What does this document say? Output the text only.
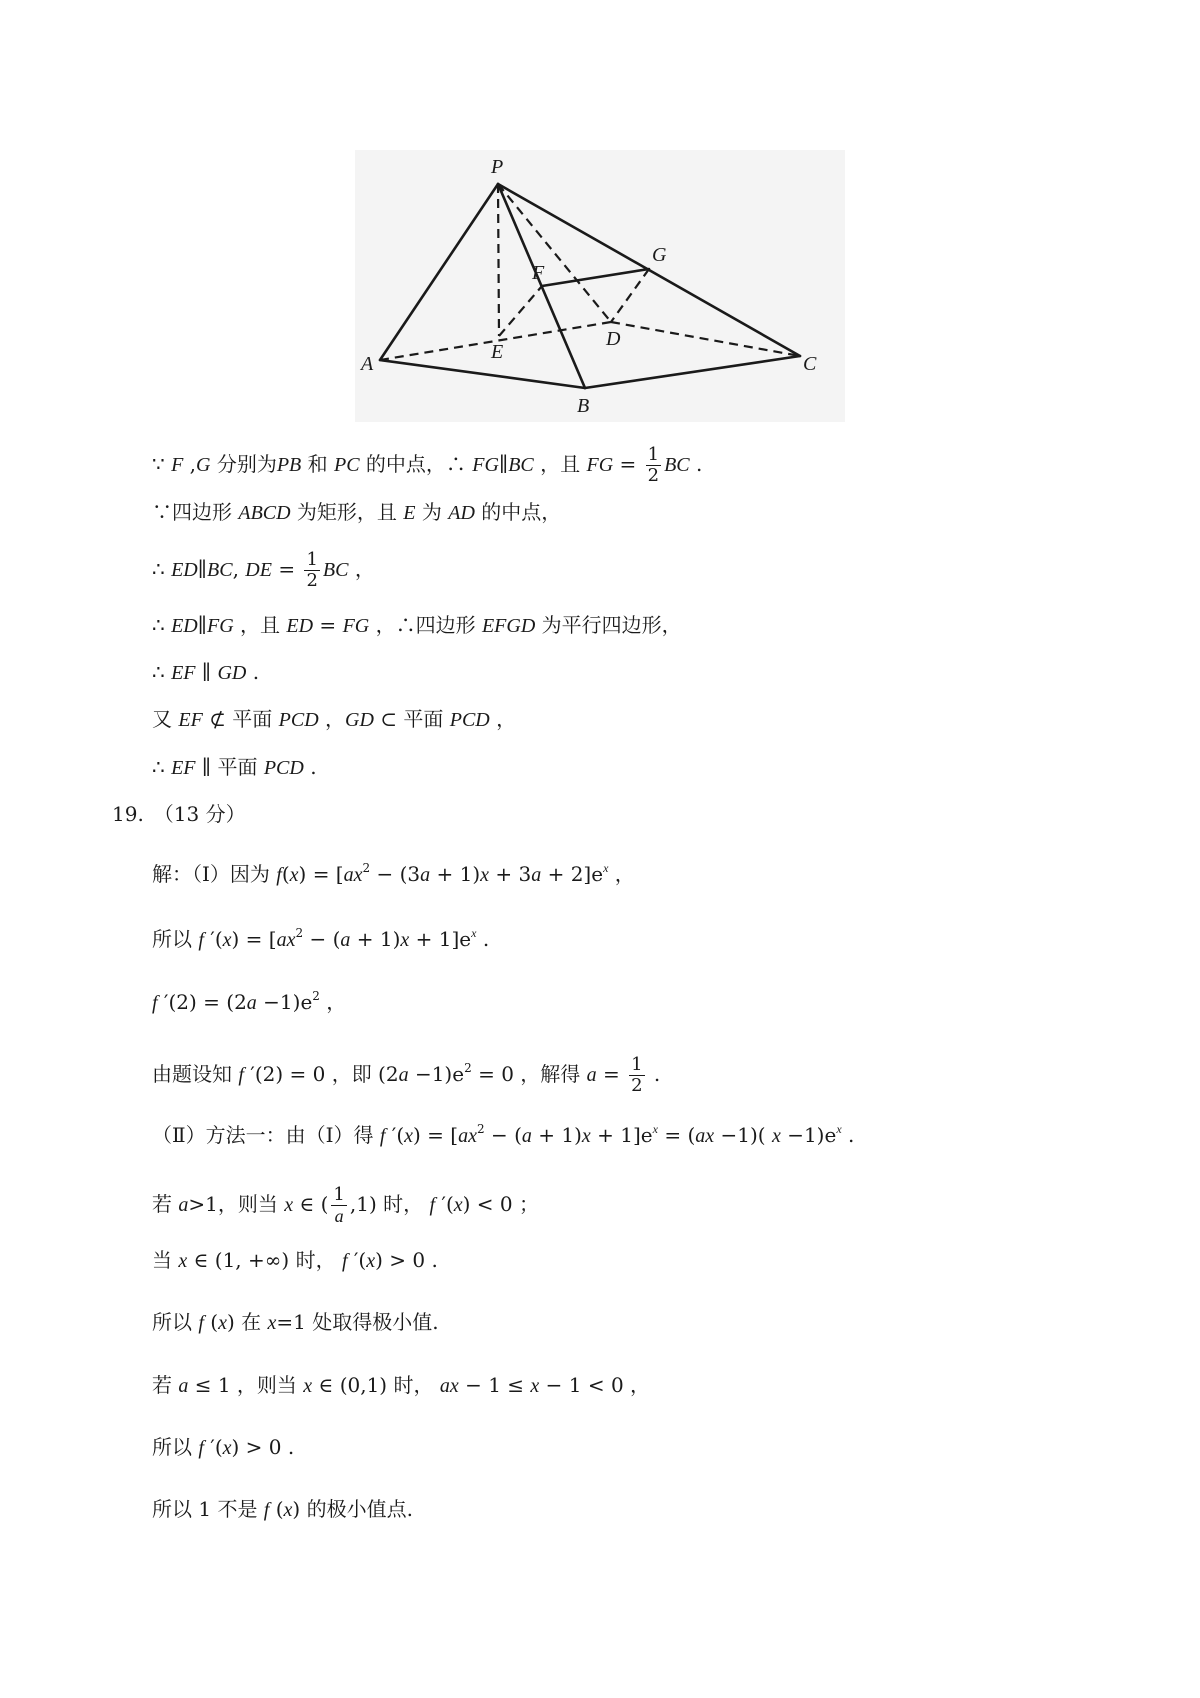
P
G
F
D
E
A	C
B
∵ F ,G 分别为PB 和 PC 的中点，∴ FG∥BC ，且 FG = $\frac{1}{2}$ BC .
∵四边形 ABCD 为矩形，且 E 为 AD 的中点，
∴ ED∥BC, DE = $\frac{1}{2}$ BC ，
∴ ED∥FG ，且 ED = FG ，∴四边形 EFGD 为平行四边形，
∴ EF ∥ GD .
又 EF ⊄ 平面 PCD ，GD ⊂ 平面 PCD ，
∴ EF ∥ 平面 PCD .
19.　（13 分）
解：（Ⅰ）因为 $f(x) = [ax^2 - (3a + 1)x + 3a + 2]e^x$ ，
所以 f $'(x) = [ax^2 - (a + 1)x + 1]e^x$ .
f $'(2) = (2a -1)e^2$ ，
由题设知 f ′(2) = 0 ，即 $(2a -1)e^2 = 0$ ，解得 $a = \frac{1}{2}$ .
（Ⅱ）方法一：由（Ⅰ）得 f $'(x) = [ax^2 - (a + 1)x + 1]e^x = (ax -1)$( $x -1)e^x$ .
若 a>1，则当 x ∈ ( $\frac{1}{a} ,1$) 时， f ′(x) < 0 ；
当 x ∈ (1, +∞) 时， f ′(x) > 0 .
所以 f (x) 在 x=1 处取得极小值.
若 a ≤ 1 ，则当 x ∈ (0,1) 时， ax − 1 ≤ x − 1 < 0 ，
所以 f ′(x) > 0 .
所以 1 不是 f (x) 的极小值点.
